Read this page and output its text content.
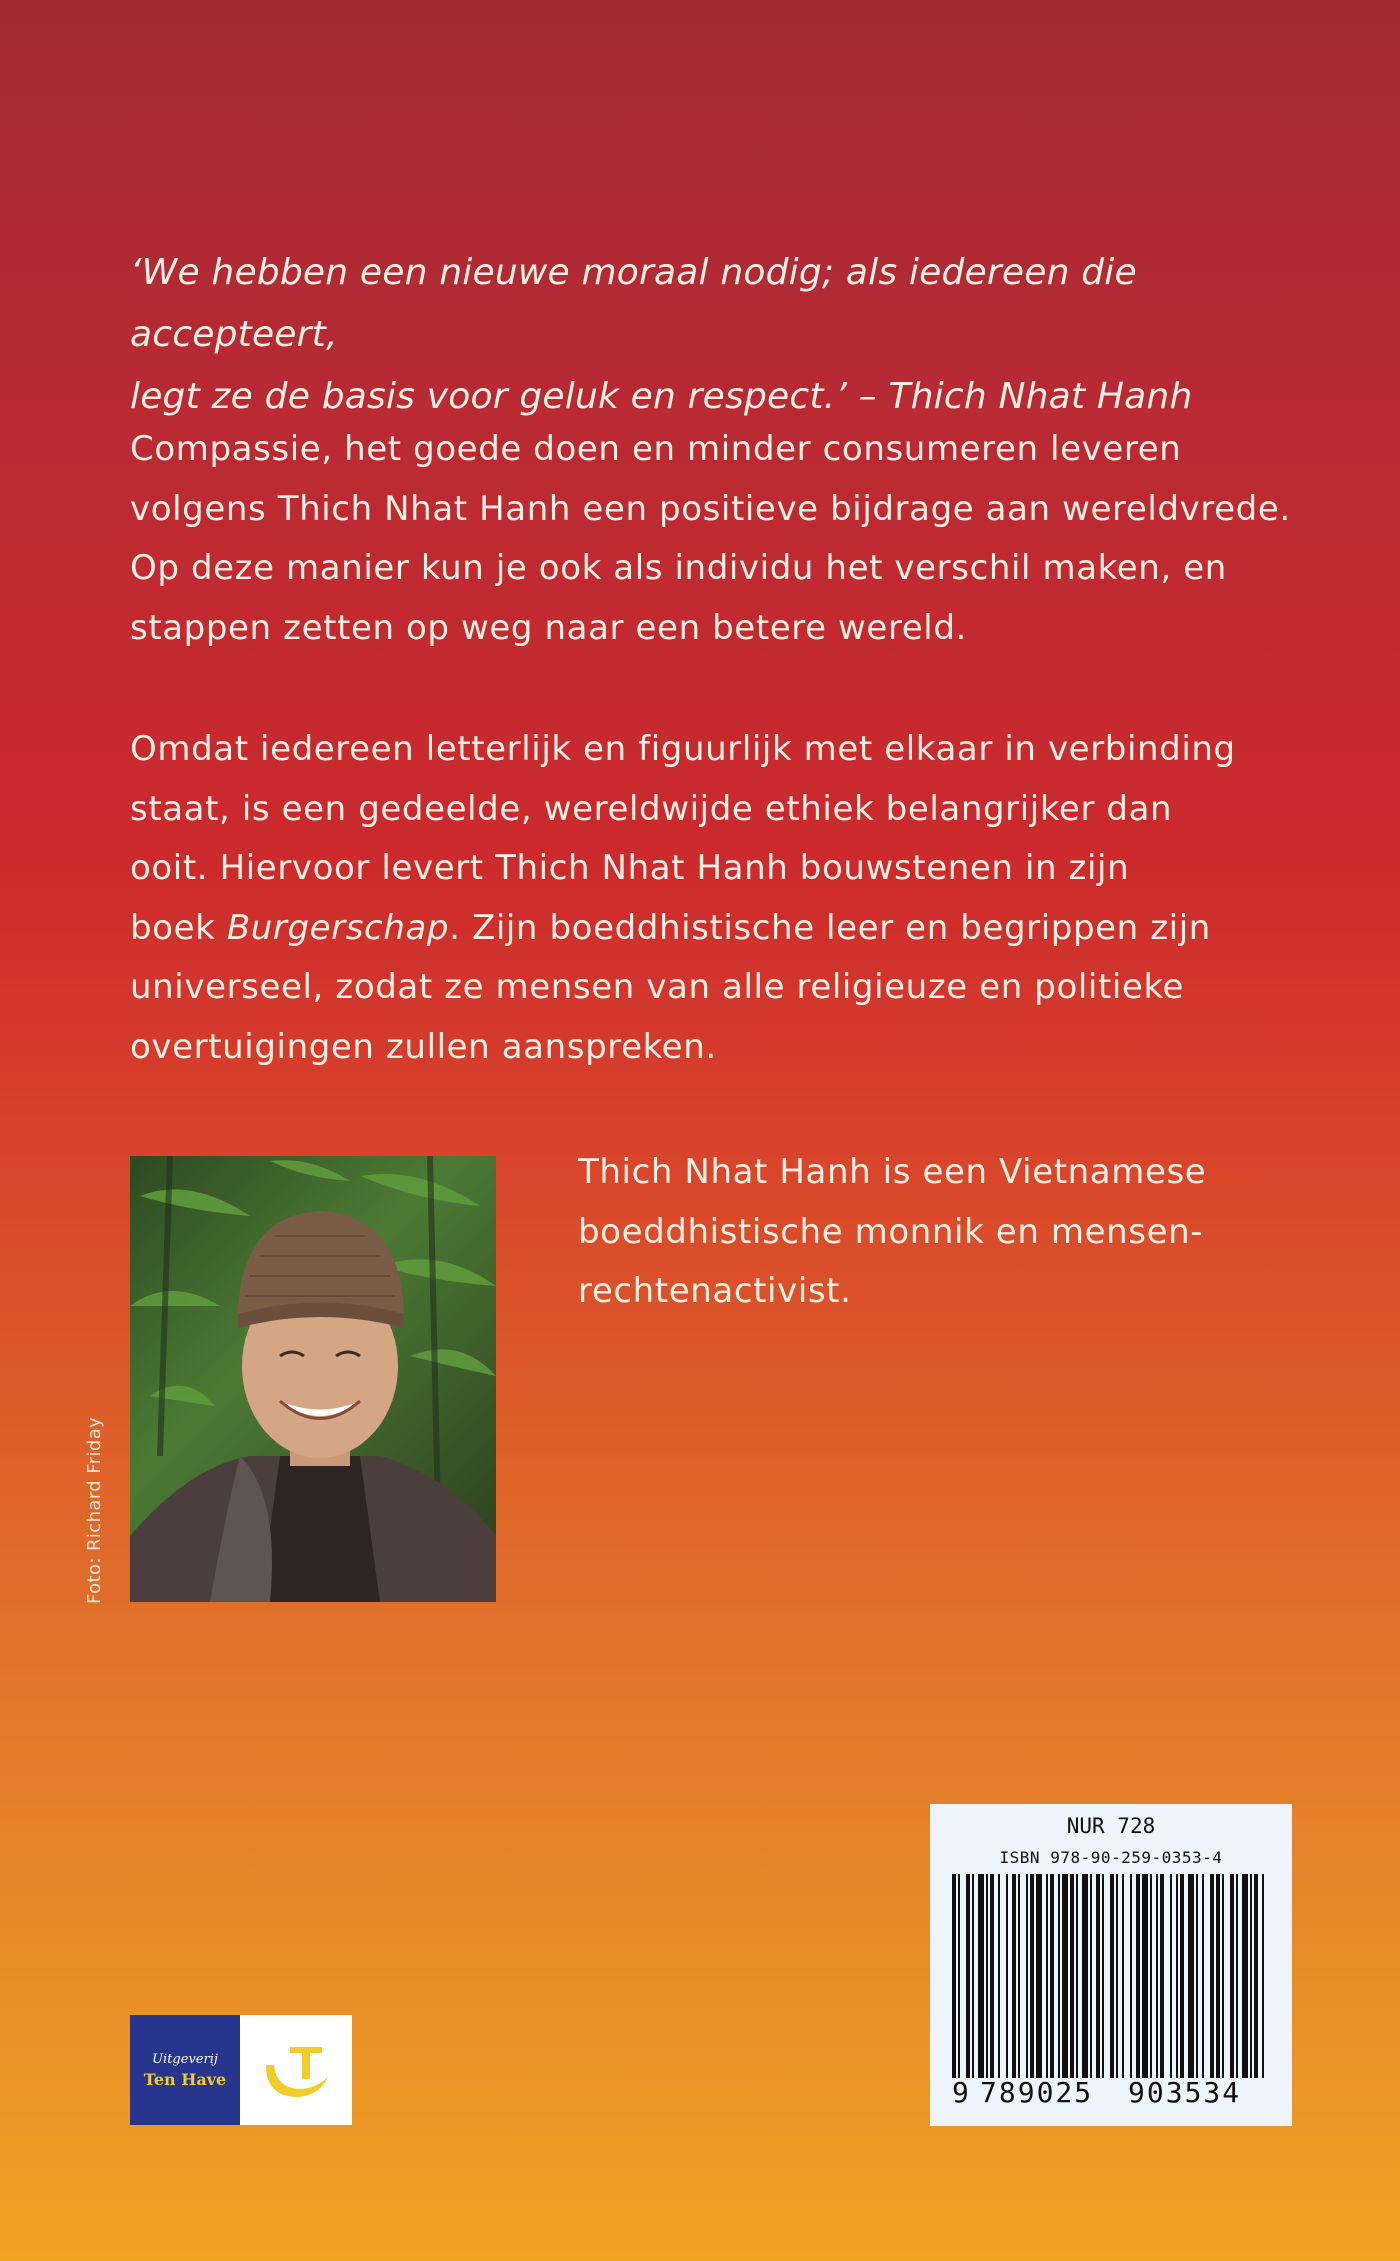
‘We hebben een nieuwe moraal nodig; als iedereen die accepteert,
legt ze de basis voor geluk en respect.’ – Thich Nhat Hanh

Compassie, het goede doen en minder consumeren leveren

volgens Thich Nhat Hanh een positieve bijdrage aan wereldvrede.

Op deze manier kun je ook als individu het verschil maken, en

stappen zetten op weg naar een betere wereld.

Omdat iedereen letterlijk en figuurlijk met elkaar in verbinding

staat, is een gedeelde, wereldwijde ethiek belangrijker dan

ooit. Hiervoor levert Thich Nhat Hanh bouwstenen in zijn

boek Burgerschap. Zijn boeddhistische leer en begrippen zijn

universeel, zodat ze mensen van alle religieuze en politieke

overtuigingen zullen aanspreken.

Foto: Richard Friday

Thich Nhat Hanh is een Vietnamese

boeddhistische monnik en mensen-

rechtenactivist.

Uitgeverij
Ten Have
NUR 728
ISBN 978-90-259-0353-4
9 789025 903534
